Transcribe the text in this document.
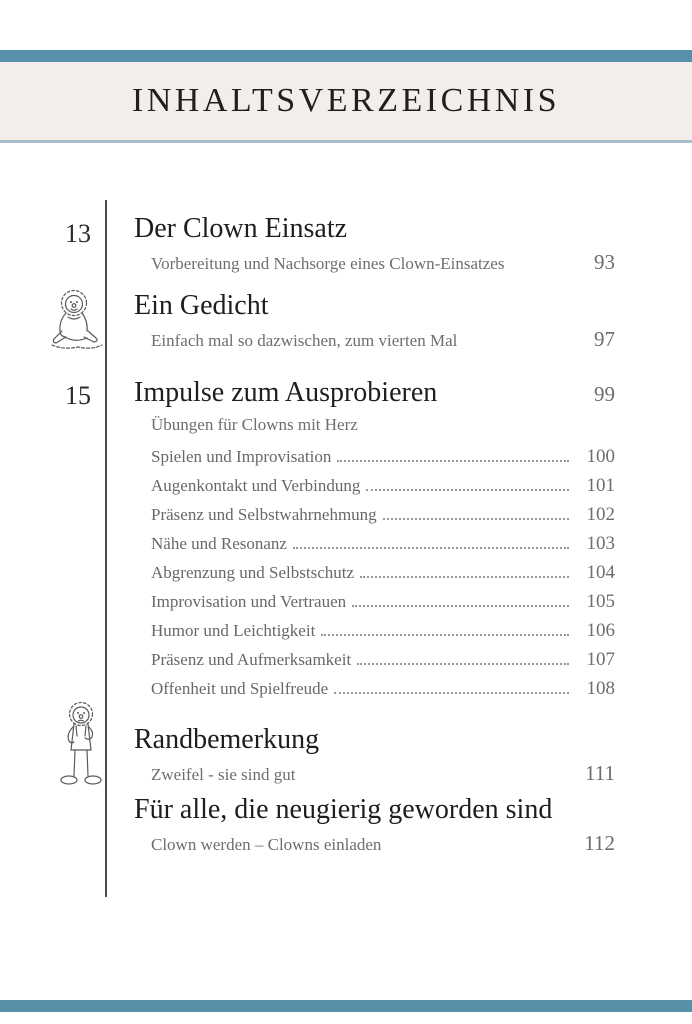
INHALTSVERZEICHNIS
13
15
Der Clown Einsatz
Vorbereitung und Nachsorge eines Clown-Einsatzes	93
Ein Gedicht
Einfach mal so dazwischen, zum vierten Mal	97
Impulse zum Ausprobieren	99
Übungen für Clowns mit Herz
Spielen und Improvisation	100
Augenkontakt und Verbindung	101
Präsenz und Selbstwahrnehmung	102
Nähe und Resonanz	103
Abgrenzung und Selbstschutz	104
Improvisation und Vertrauen	105
Humor und Leichtigkeit	106
Präsenz und Aufmerksamkeit	107
Offenheit und Spielfreude	108
Randbemerkung
Zweifel - sie sind gut	111
Für alle, die neugierig geworden sind
Clown werden – Clowns einladen	112
